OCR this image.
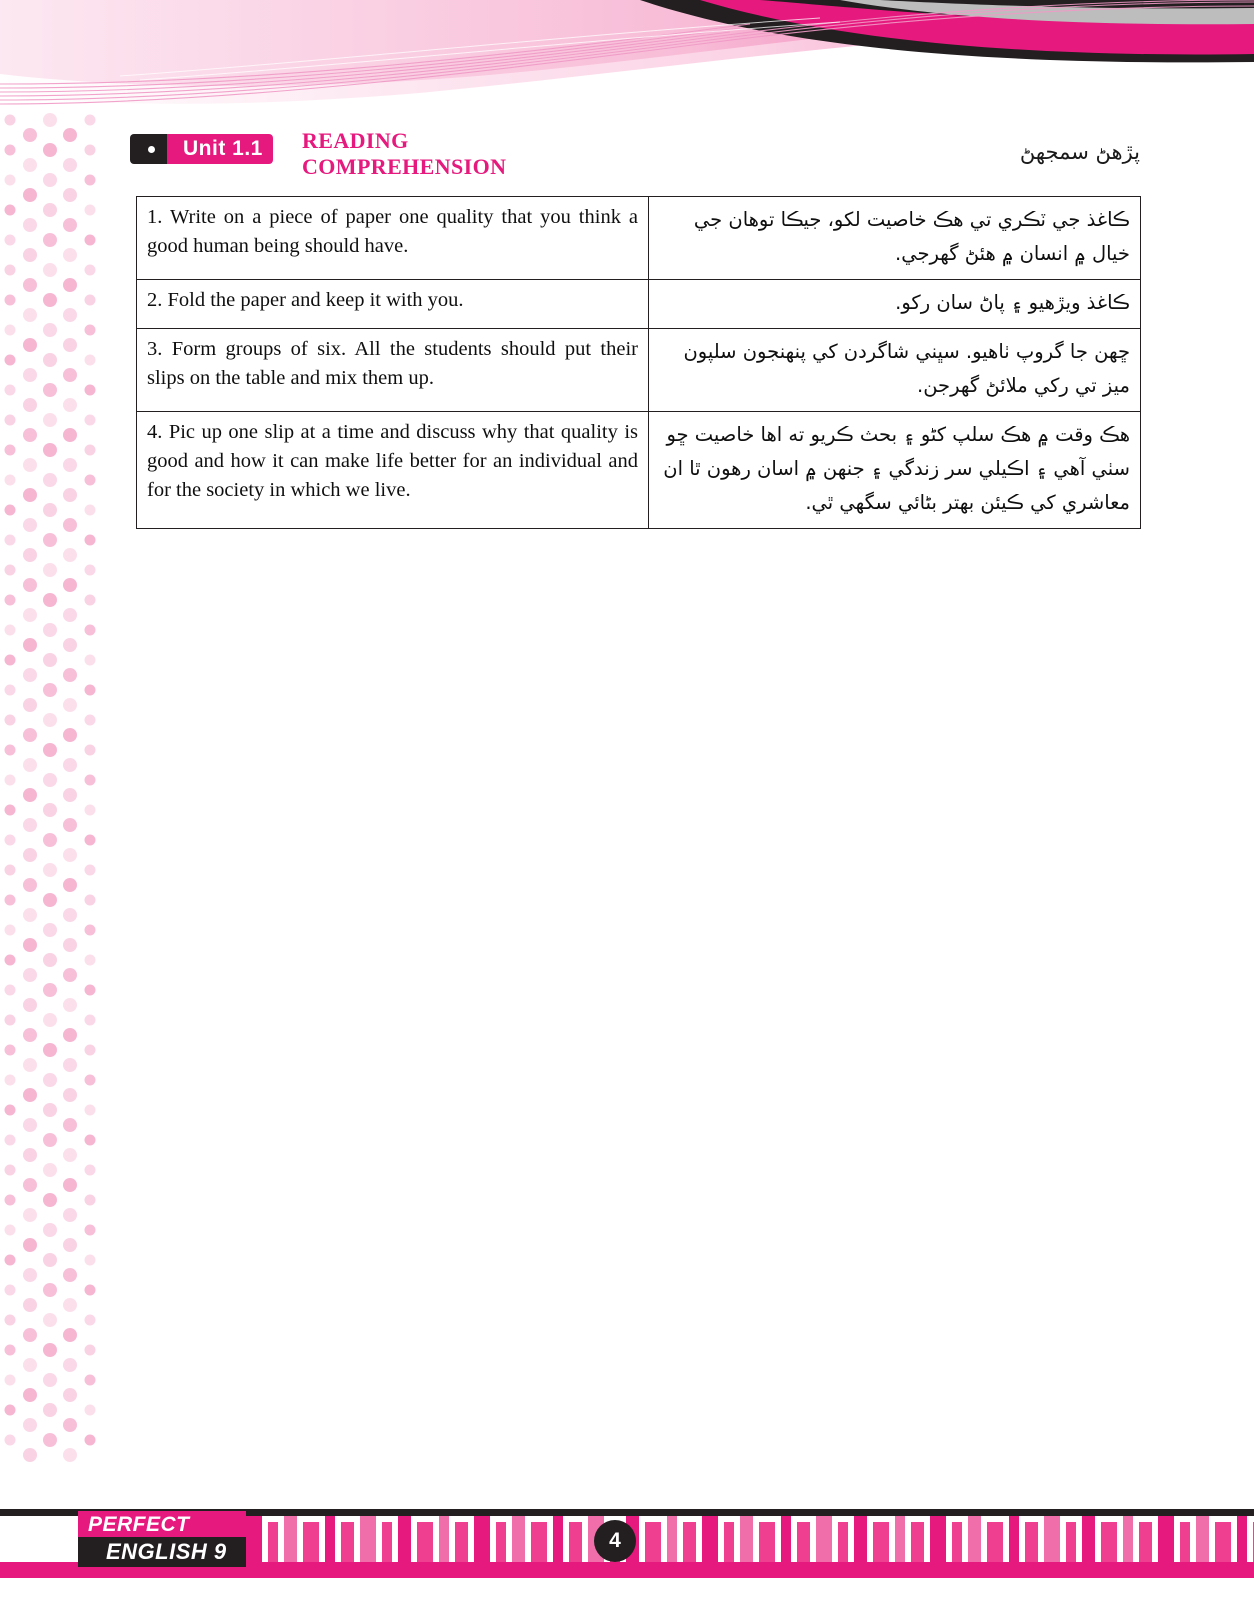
Unit 1.1	READING
COMPREHENSION
پڙهڻ سمجهڻ
1. Write on a piece of paper one quality that you think a good human being should have.	ڪاغذ جي ٽڪري تي هڪ خاصيت لکو، جيڪا توهان جي خيال ۾ انسان ۾ هئڻ گهرجي.
2. Fold the paper and keep it with you.	ڪاغذ ويڙهيو ۽ پاڻ سان رکو.
3. Form groups of six. All the students should put their slips on the table and mix them up.	ڇهن جا گروپ ٺاهيو. سڀني شاگردن کي پنهنجون سلپون ميز تي رکي ملائڻ گهرجن.
4. Pic up one slip at a time and discuss why that quality is good and how it can make life better for an individual and for the society in which we live.	هڪ وقت ۾ هڪ سلپ کڻو ۽ بحث ڪريو ته اها خاصيت ڇو سٺي آهي ۽ اڪيلي سر زندگي ۽ جنهن ۾ اسان رهون ٿا ان معاشري کي ڪيئن بهتر بڻائي سگهي ٿي.
PERFECT
ENGLISH 9	4
